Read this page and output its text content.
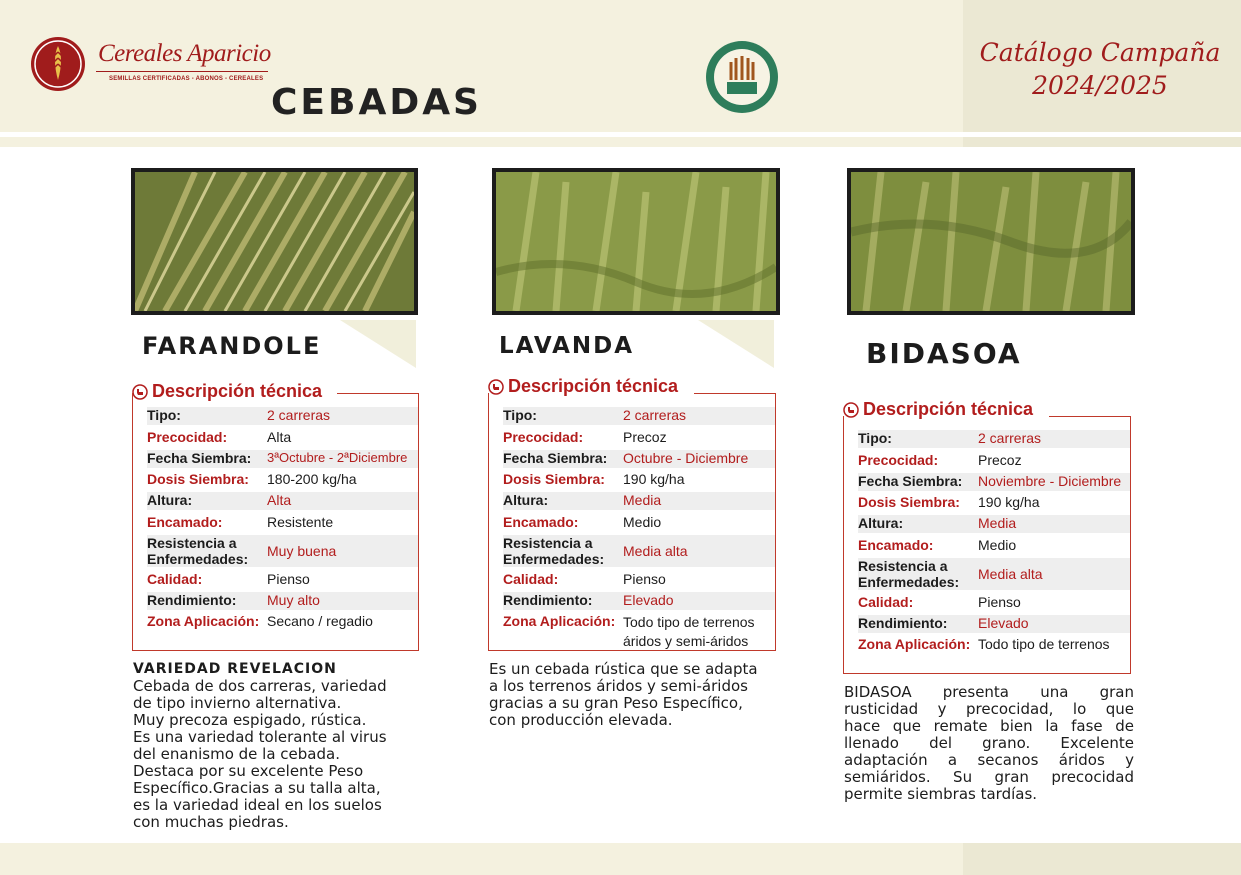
Cereales Aparicio
SEMILLAS CERTIFICADAS - ABONOS - CEREALES
CEBADAS
Catálogo Campaña
2024/2025
FARANDOLE
Descripción técnica
Tipo:	2 carreras
Precocidad:	Alta
Fecha Siembra:	3ªOctubre - 2ªDiciembre
Dosis Siembra:	180-200 kg/ha
Altura:	Alta
Encamado:	Resistente
Resistencia a
Enfermedades:	Muy buena
Calidad:	Pienso
Rendimiento:	Muy alto
Zona Aplicación: Secano / regadio
VARIEDAD REVELACION
Cebada de dos carreras, variedad
de tipo invierno alternativa.
Muy precoza espigado, rústica.
Es una variedad tolerante al virus
del enanismo de la cebada.
Destaca por su excelente Peso
Específico.Gracias a su talla alta,
es la variedad ideal en los suelos
con muchas piedras.
LAVANDA
Descripción técnica
Tipo:	2 carreras
Precocidad:	Precoz
Fecha Siembra:	Octubre - Diciembre
Dosis Siembra:	190 kg/ha
Altura:	Media
Encamado:	Medio
Resistencia a
Enfermedades:	Media alta
Calidad:	Pienso
Rendimiento:	Elevado
Zona Aplicación: Todo tipo de terrenos
áridos y semi-áridos
Es un cebada rústica que se adapta
a los terrenos áridos y semi-áridos
gracias a su gran Peso Específico,
con producción elevada.
BIDASOA
Descripción técnica
Tipo:	2 carreras
Precocidad:	Precoz
Fecha Siembra:	Noviembre - Diciembre
Dosis Siembra:	190 kg/ha
Altura:	Media
Encamado:	Medio
Resistencia a
Enfermedades:	Media alta
Calidad:	Pienso
Rendimiento:	Elevado
Zona Aplicación: Todo tipo de terrenos
BIDASOA presenta una gran
rusticidad y precocidad, lo que
hace que remate bien la fase de
llenado del grano. Excelente
adaptación a secanos áridos y
semiáridos. Su gran precocidad
permite siembras tardías.
